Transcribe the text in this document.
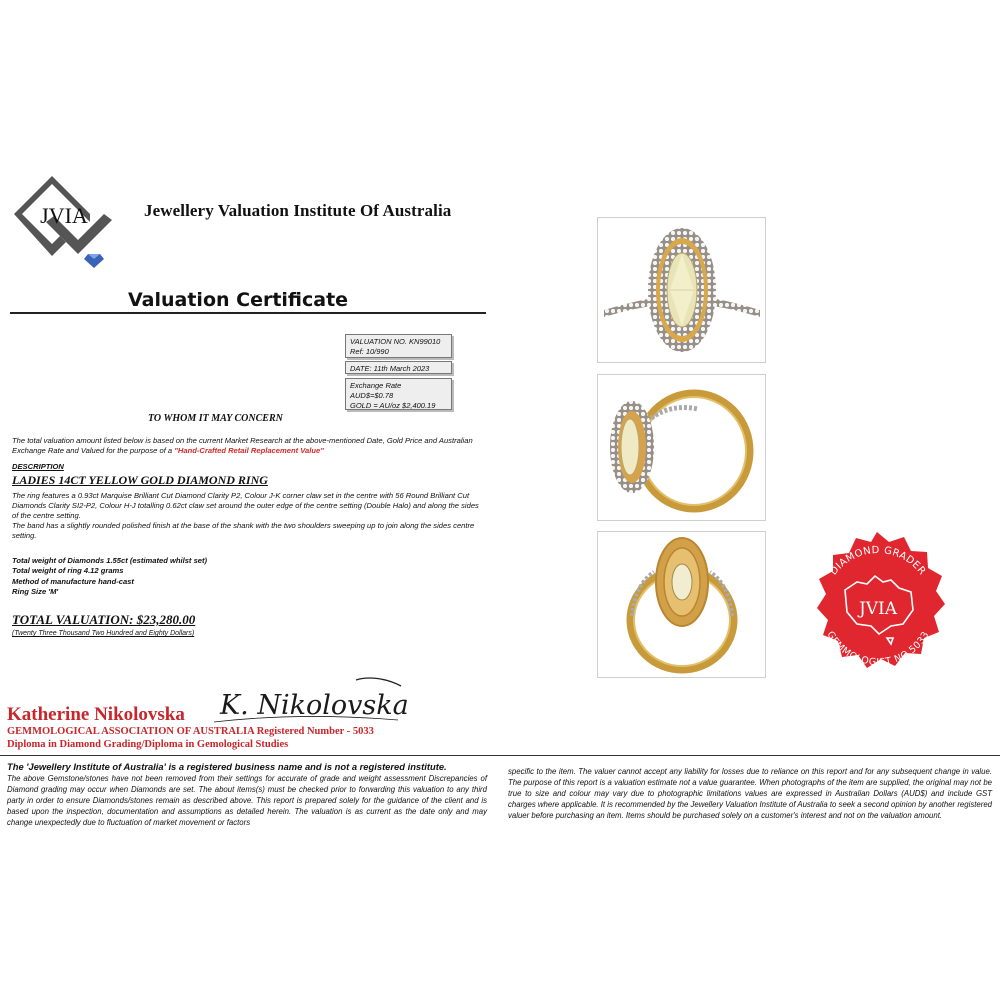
JVIA	Jewellery Valuation Institute Of Australia
Valuation Certificate
VALUATION NO. KN99010
Ref: 10/990
DATE: 11th March 2023
Exchange Rate
AUD$=$0.78
GOLD = AU/oz $2,400.19
TO WHOM IT MAY CONCERN
The total valuation amount listed below is based on the current Market Research at the above-mentioned Date, Gold Price and Australian Exchange Rate and Valued for the purpose of a "Hand-Crafted Retail Replacement Value"
DESCRIPTION
LADIES 14CT YELLOW GOLD DIAMOND RING
The ring features a 0.93ct Marquise Brilliant Cut Diamond Clarity P2, Colour J-K corner claw set in the centre with 56 Round Brilliant Cut Diamonds Clarity SI2-P2, Colour H-J totalling 0.62ct claw set around the outer edge of the centre setting (Double Halo) and along the sides of the centre setting.
The band has a slightly rounded polished finish at the base of the shank with the two shoulders sweeping up to join along the sides centre setting.
Total weight of Diamonds 1.55ct (estimated whilst set)
Total weight of ring 4.12 grams
Method of manufacture hand-cast
Ring Size 'M'
TOTAL VALUATION: $23,280.00
(Twenty Three Thousand Two Hundred and Eighty Dollars)
Katherine Nikolovska K. Nikolovska
GEMMOLOGICAL ASSOCIATION OF AUSTRALIA Registered Number - 5033
Diploma in Diamond Grading/Diploma in Gemological Studies
The 'Jewellery Institute of Australia' is a registered business name and is not a registered institute.
The above Gemstone/stones have not been removed from their settings for accurate of grade and weight assessment Discrepancies of Diamond grading may occur when Diamonds are set. The about items(s) must be checked prior to forwarding this valuation to any third party in order to ensure Diamonds/stones remain as described above. This report is prepared solely for the guidance of the client and is based upon the inspection, documentation and assumptions as detailed herein. The valuation is as current as the date only and may change unexpectedly due to fluctuation of market movement or factors
specific to the item. The valuer cannot accept any liability for losses due to reliance on this report and for any subsequent change in value. The purpose of this report is a valuation estimate not a value guarantee. When photographs of the item are supplied, the original may not be true to size and colour may vary due to photographic limitations values are expressed in Australian Dollars (AUD$) and include GST charges where applicable. It is recommended by the Jewellery Valuation Institute of Australia to seek a second opinion by another registered valuer before purchasing an item. Items should be purchased solely on a customer's interest and not on the valuation amount.
DIAMOND GRADER
GEMMOLOGIST NO.5033
JVIA
